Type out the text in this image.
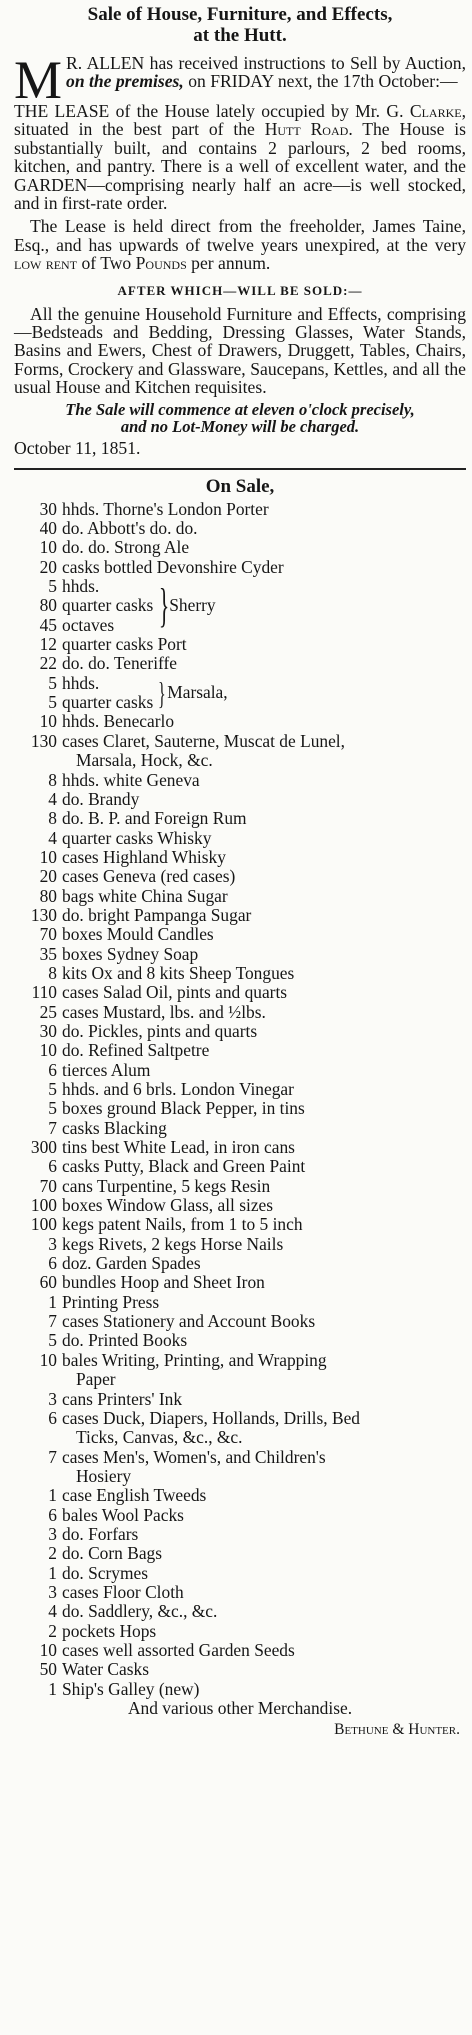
Sale of House, Furniture, and Effects,
at the Hutt.

M R. ALLEN has received instructions to Sell by Auction, on the premises, on FRIDAY next, the 17th October:—

THE LEASE of the House lately occupied by Mr. G. Clarke, situated in the best part of the Hutt Road. The House is substantially built, and contains 2 parlours, 2 bed rooms, kitchen, and pantry. There is a well of excellent water, and the GARDEN—comprising nearly half an acre—is well stocked, and in first-rate order.

The Lease is held direct from the freeholder, James Taine, Esq., and has upwards of twelve years unexpired, at the very low rent of Two Pounds per annum.

AFTER WHICH—WILL BE SOLD:—

All the genuine Household Furniture and Effects, comprising—Bedsteads and Bedding, Dressing Glasses, Water Stands, Basins and Ewers, Chest of Drawers, Druggett, Tables, Chairs, Forms, Crockery and Glassware, Saucepans, Kettles, and all the usual House and Kitchen requisites.

The Sale will commence at eleven o'clock precisely,
and no Lot-Money will be charged.

October 11, 1851.

On Sale,
30 hhds. Thorne's London Porter
40 do. Abbott's do. do.
10 do. do. Strong Ale
20 casks bottled Devonshire Cyder
5 hhds.
80 quarter casks
45 octaves } Sherry
12 quarter casks Port
22 do. do. Teneriffe
5 hhds.
5 quarter casks } Marsala,
10 hhds. Benecarlo
130 cases Claret, Sauterne, Muscat de Lunel,
Marsala, Hock, &c.
8 hhds. white Geneva
4 do. Brandy
8 do. B. P. and Foreign Rum
4 quarter casks Whisky
10 cases Highland Whisky
20 cases Geneva (red cases)
80 bags white China Sugar
130 do. bright Pampanga Sugar
70 boxes Mould Candles
35 boxes Sydney Soap
8 kits Ox and 8 kits Sheep Tongues
110 cases Salad Oil, pints and quarts
25 cases Mustard, lbs. and ½lbs.
30 do. Pickles, pints and quarts
10 do. Refined Saltpetre
6 tierces Alum
5 hhds. and 6 brls. London Vinegar
5 boxes ground Black Pepper, in tins
7 casks Blacking
300 tins best White Lead, in iron cans
6 casks Putty, Black and Green Paint
70 cans Turpentine, 5 kegs Resin
100 boxes Window Glass, all sizes
100 kegs patent Nails, from 1 to 5 inch
3 kegs Rivets, 2 kegs Horse Nails
6 doz. Garden Spades
60 bundles Hoop and Sheet Iron
1 Printing Press
7 cases Stationery and Account Books
5 do. Printed Books
10 bales Writing, Printing, and Wrapping
Paper
3 cans Printers' Ink
6 cases Duck, Diapers, Hollands, Drills, Bed
Ticks, Canvas, &c., &c.
7 cases Men's, Women's, and Children's
Hosiery
1 case English Tweeds
6 bales Wool Packs
3 do. Forfars
2 do. Corn Bags
1 do. Scrymes
3 cases Floor Cloth
4 do. Saddlery, &c., &c.
2 pockets Hops
10 cases well assorted Garden Seeds
50 Water Casks
1 Ship's Galley (new)
And various other Merchandise.
Bethune & Hunter.
